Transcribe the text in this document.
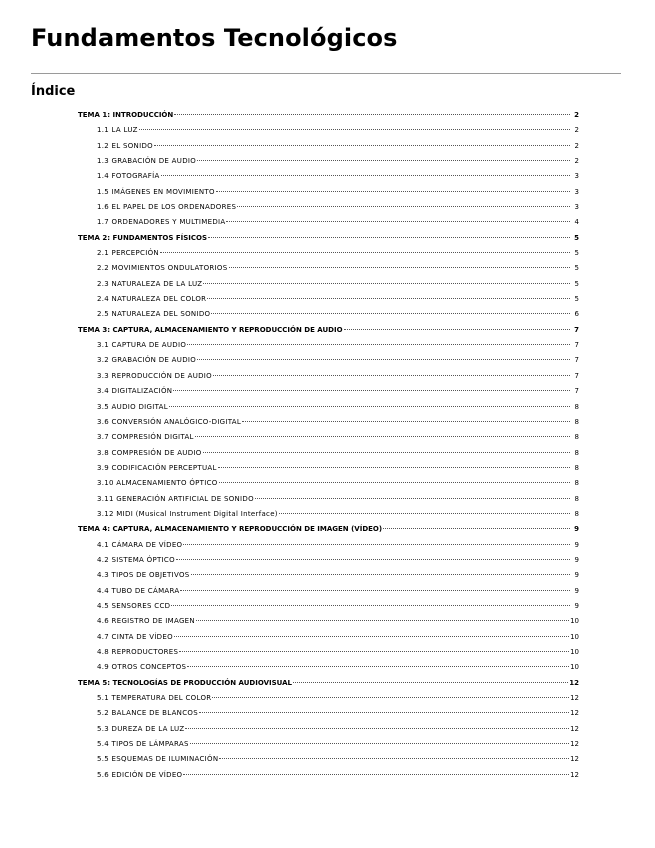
Fundamentos Tecnológicos
Índice
TEMA 1: INTRODUCCIÓN	2
1.1 LA LUZ	2
1.2 EL SONIDO	2
1.3 GRABACIÓN DE AUDIO	2
1.4 FOTOGRAFÍA	3
1.5 IMÁGENES EN MOVIMIENTO	3
1.6 EL PAPEL DE LOS ORDENADORES	3
1.7 ORDENADORES Y MULTIMEDIA	4
TEMA 2: FUNDAMENTOS FÍSICOS	5
2.1 PERCEPCIÓN	5
2.2 MOVIMIENTOS ONDULATORIOS	5
2.3 NATURALEZA DE LA LUZ	5
2.4 NATURALEZA DEL COLOR	5
2.5 NATURALEZA DEL SONIDO	6
TEMA 3: CAPTURA, ALMACENAMIENTO Y REPRODUCCIÓN DE AUDIO	7
3.1 CAPTURA DE AUDIO	7
3.2 GRABACIÓN DE AUDIO	7
3.3 REPRODUCCIÓN DE AUDIO	7
3.4 DIGITALIZACIÓN	7
3.5 AUDIO DIGITAL	8
3.6 CONVERSIÓN ANALÓGICO-DIGITAL	8
3.7 COMPRESIÓN DIGITAL	8
3.8 COMPRESIÓN DE AUDIO	8
3.9 CODIFICACIÓN PERCEPTUAL	8
3.10 ALMACENAMIENTO ÓPTICO	8
3.11 GENERACIÓN ARTIFICIAL DE SONIDO	8
3.12 MIDI (Musical Instrument Digital Interface)	8
TEMA 4: CAPTURA, ALMACENAMIENTO Y REPRODUCCIÓN DE IMAGEN (VÍDEO)	9
4.1 CÁMARA DE VÍDEO	9
4.2 SISTEMA ÓPTICO	9
4.3 TIPOS DE OBJETIVOS	9
4.4 TUBO DE CÁMARA	9
4.5 SENSORES CCD	9
4.6 REGISTRO DE IMAGEN	10
4.7 CINTA DE VÍDEO	10
4.8 REPRODUCTORES	10
4.9 OTROS CONCEPTOS	10
TEMA 5: TECNOLOGÍAS DE PRODUCCIÓN AUDIOVISUAL	12
5.1 TEMPERATURA DEL COLOR	12
5.2 BALANCE DE BLANCOS	12
5.3 DUREZA DE LA LUZ	12
5.4 TIPOS DE LÁMPARAS	12
5.5 ESQUEMAS DE ILUMINACIÓN	12
5.6 EDICIÓN DE VÍDEO	12
